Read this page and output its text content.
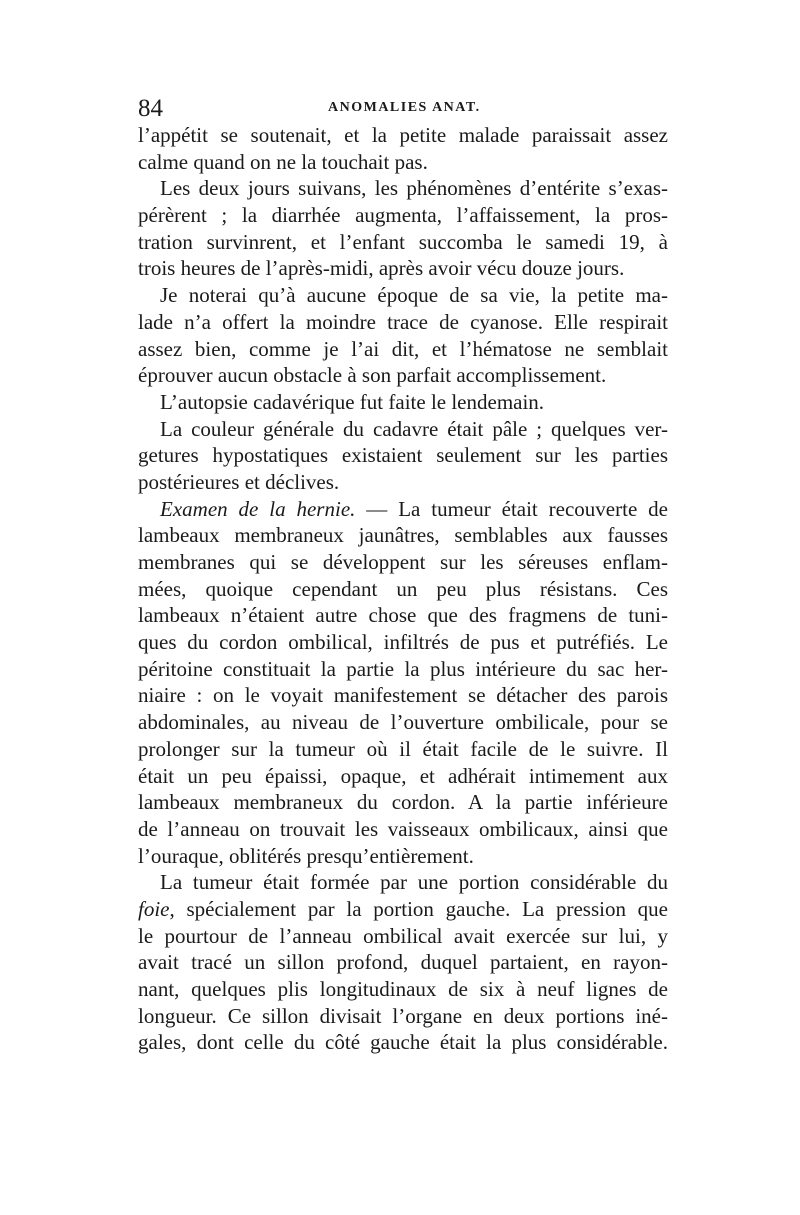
84	ANOMALIES ANAT.
l’appétit se soutenait, et la petite malade paraissait assez
calme quand on ne la touchait pas.
Les deux jours suivans, les phénomènes d’entérite s’exas-
pérèrent ; la diarrhée augmenta, l’affaissement, la pros-
tration survinrent, et l’enfant succomba le samedi 19, à
trois heures de l’après-midi, après avoir vécu douze jours.
Je noterai qu’à aucune époque de sa vie, la petite ma-
lade n’a offert la moindre trace de cyanose. Elle respirait
assez bien, comme je l’ai dit, et l’hématose ne semblait
éprouver aucun obstacle à son parfait accomplissement.
L’autopsie cadavérique fut faite le lendemain.
La couleur générale du cadavre était pâle ; quelques ver-
getures hypostatiques existaient seulement sur les parties
postérieures et déclives.
Examen de la hernie. — La tumeur était recouverte de
lambeaux membraneux jaunâtres, semblables aux fausses
membranes qui se développent sur les séreuses enflam-
mées, quoique cependant un peu plus résistans. Ces
lambeaux n’étaient autre chose que des fragmens de tuni-
ques du cordon ombilical, infiltrés de pus et putréfiés. Le
péritoine constituait la partie la plus intérieure du sac her-
niaire : on le voyait manifestement se détacher des parois
abdominales, au niveau de l’ouverture ombilicale, pour se
prolonger sur la tumeur où il était facile de le suivre. Il
était un peu épaissi, opaque, et adhérait intimement aux
lambeaux membraneux du cordon. A la partie inférieure
de l’anneau on trouvait les vaisseaux ombilicaux, ainsi que
l’ouraque, oblitérés presqu’entièrement.
La tumeur était formée par une portion considérable du
foie, spécialement par la portion gauche. La pression que
le pourtour de l’anneau ombilical avait exercée sur lui, y
avait tracé un sillon profond, duquel partaient, en rayon-
nant, quelques plis longitudinaux de six à neuf lignes de
longueur. Ce sillon divisait l’organe en deux portions iné-
gales, dont celle du côté gauche était la plus considérable.
